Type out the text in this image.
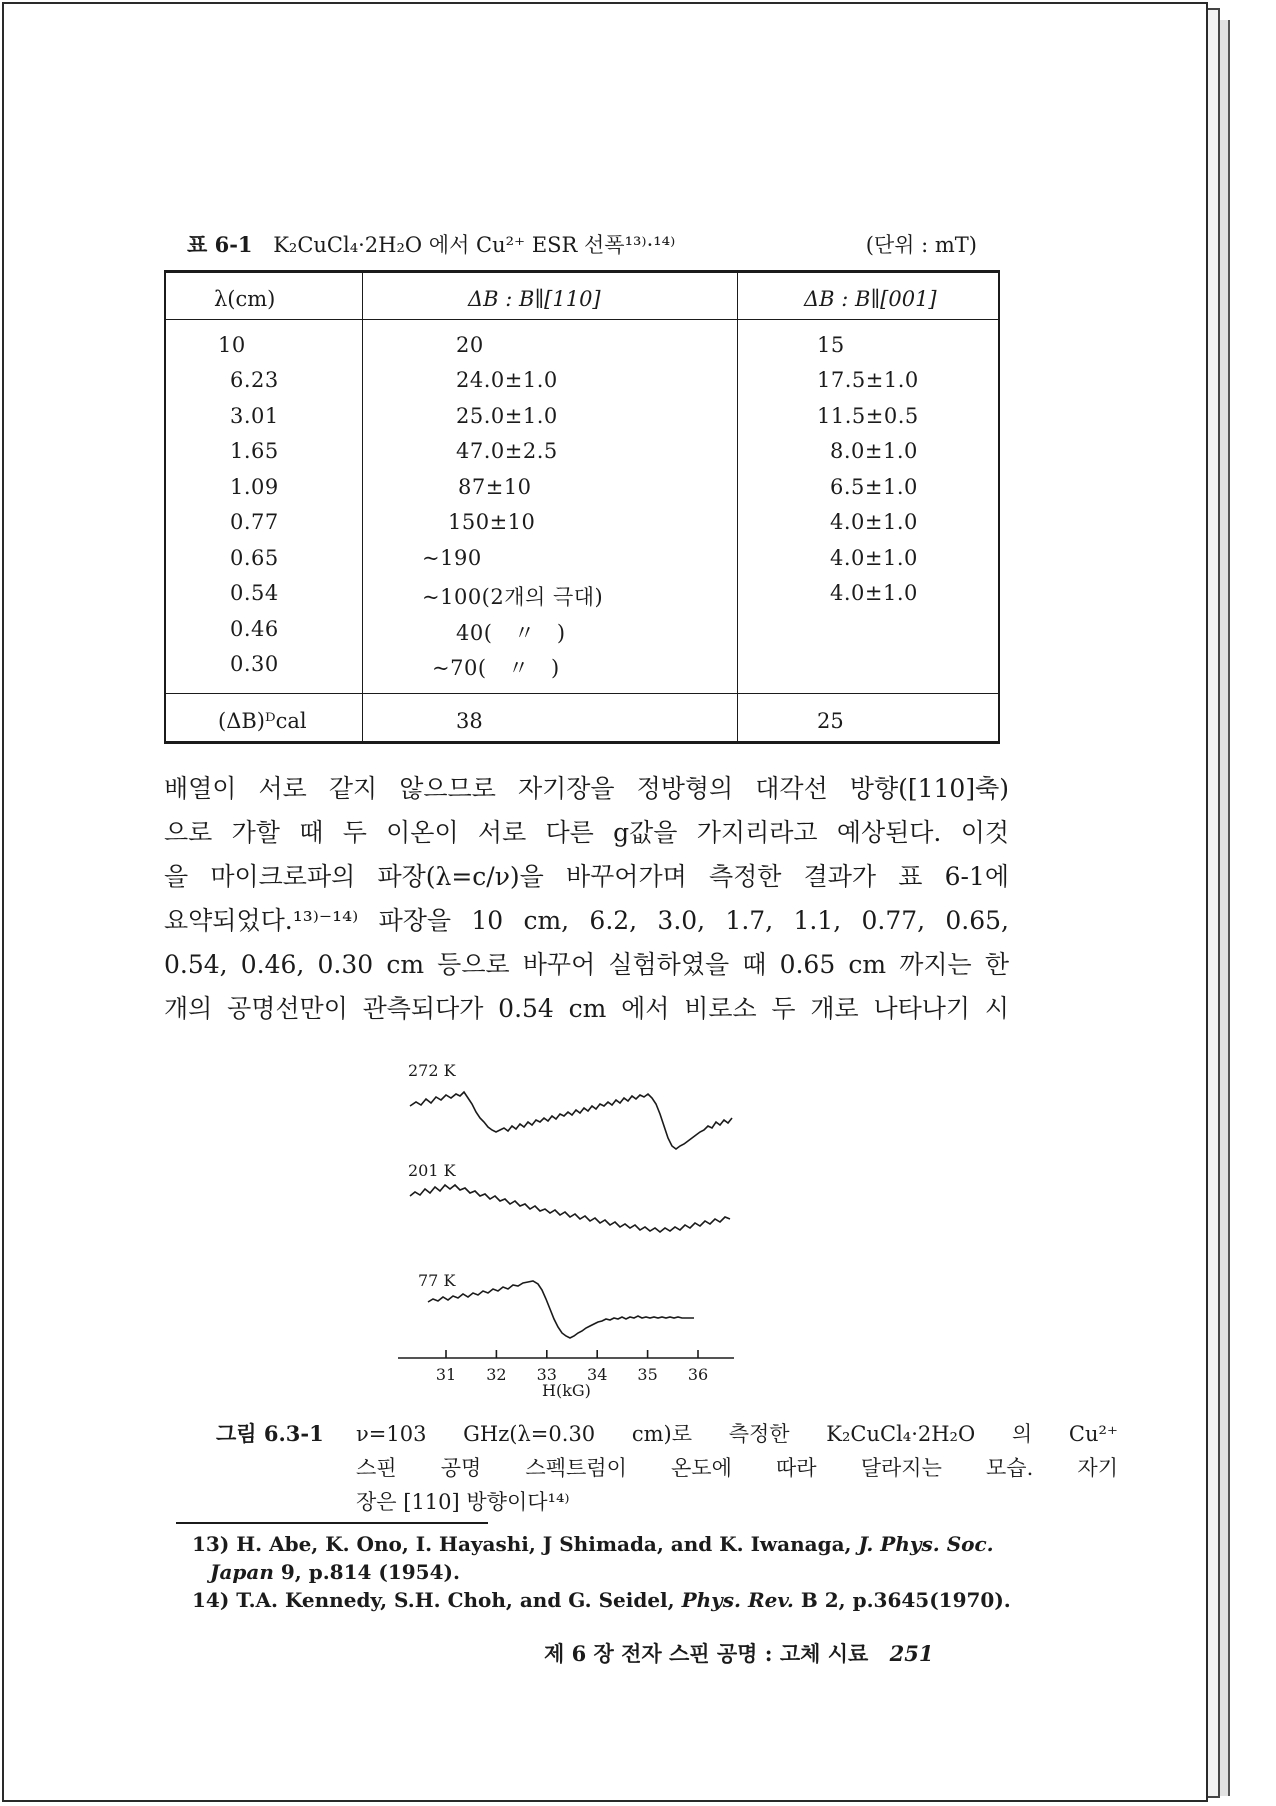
표 6-1 K₂CuCl₄·2H₂O 에서 Cu²⁺ ESR 선폭¹³⁾·¹⁴⁾	(단위 : mT)
λ(cm)	ΔB : B∥[110]	ΔB : B∥[001]
10	20	15
6.23	24.0±1.0	17.5±1.0
3.01	25.0±1.0	11.5±0.5
1.65	47.0±2.5	8.0±1.0
1.09	87±10	6.5±1.0
0.77	150±10	4.0±1.0
0.65	~190	4.0±1.0
0.54	~100(2개의 극대)	4.0±1.0
0.46	40(　〃　)
0.30	~70(　〃　)
(ΔB)ᴰcal	38	25
배열이 서로 같지 않으므로 자기장을 정방형의 대각선 방향([110]축)
으로 가할 때 두 이온이 서로 다른 g값을 가지리라고 예상된다. 이것
을 마이크로파의 파장(λ=c/ν)을 바꾸어가며 측정한 결과가 표 6-1에
요약되었다.¹³⁾⁻¹⁴⁾ 파장을 10 cm, 6.2, 3.0, 1.7, 1.1, 0.77, 0.65,
0.54, 0.46, 0.30 cm 등으로 바꾸어 실험하였을 때 0.65 cm 까지는 한
개의 공명선만이 관측되다가 0.54 cm 에서 비로소 두 개로 나타나기 시
272 K
201 K
77 K
31 32 33 34 35 36
H(kG)
그림 6.3-1 ν=103 GHz(λ=0.30 cm)로 측정한 K₂CuCl₄·2H₂O 의 Cu²⁺
스핀 공명 스펙트럼이 온도에 따라 달라지는 모습. 자기
장은 [110] 방향이다¹⁴⁾
13) H. Abe, K. Ono, I. Hayashi, J Shimada, and K. Iwanaga, J. Phys. Soc.
Japan 9, p.814 (1954).
14) T.A. Kennedy, S.H. Choh, and G. Seidel, Phys. Rev. B 2, p.3645(1970).
제 6 장 전자 스핀 공명 : 고체 시료 251
